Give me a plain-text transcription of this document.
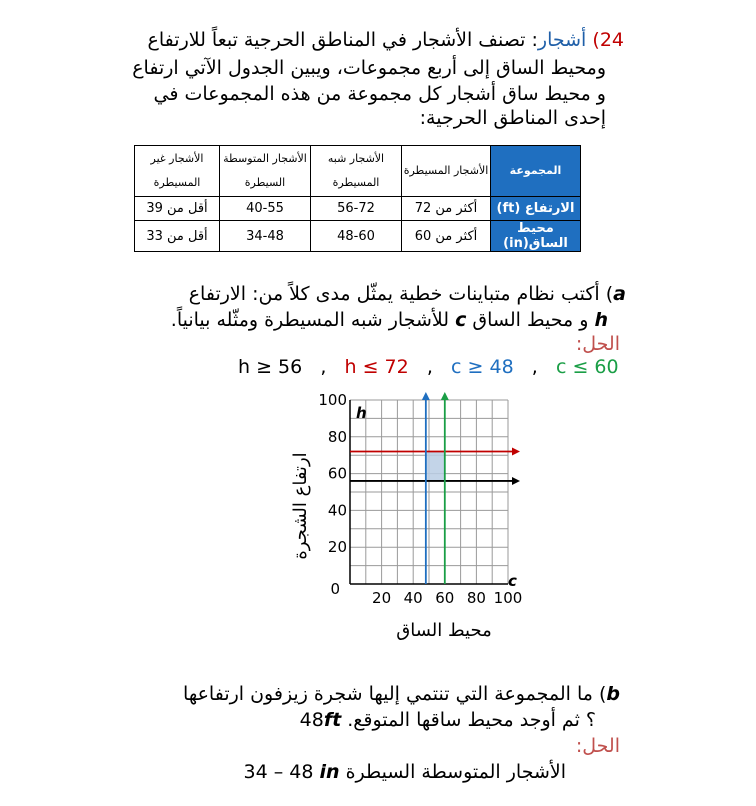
24) أشجار: تصنف الأشجار في المناطق الحرجية تبعاً للارتفاع
ومحيط الساق إلى أربع مجموعات، ويبين الجدول الآتي ارتفاع
و محيط ساق أشجار كل مجموعة من هذه المجموعات في
إحدى المناطق الحرجية:
المجموعة	الأشجار المسيطرة	الأشجار شبه المسيطرة	الأشجار المتوسطة السيطرة	الأشجار غير المسيطرة
الارتفاع (ft)	أكثر من 72	56-72	40-55	أقل من 39
محيط الساق(in)	أكثر من 60	48-60	34-48	أقل من 33
a) أكتب نظام متباينات خطية يمثّل مدى كلاً من: الارتفاع
h و محيط الساق c للأشجار شبه المسيطرة ومثّله بيانياً.
الحل:
h ≥ 56 , h ≤ 72 , c ≥ 48 , c ≤ 60
20 40 60 80 100
20
40
60
80
100
0
h
c
محيط الساق
ارتفاع الشجرة
b) ما المجموعة التي تنتمي إليها شجرة زيزفون ارتفاعها
؟ ثم أوجد محيط ساقها المتوقع. 48ft
الحل:
الأشجار المتوسطة السيطرة 34 – 48 in
